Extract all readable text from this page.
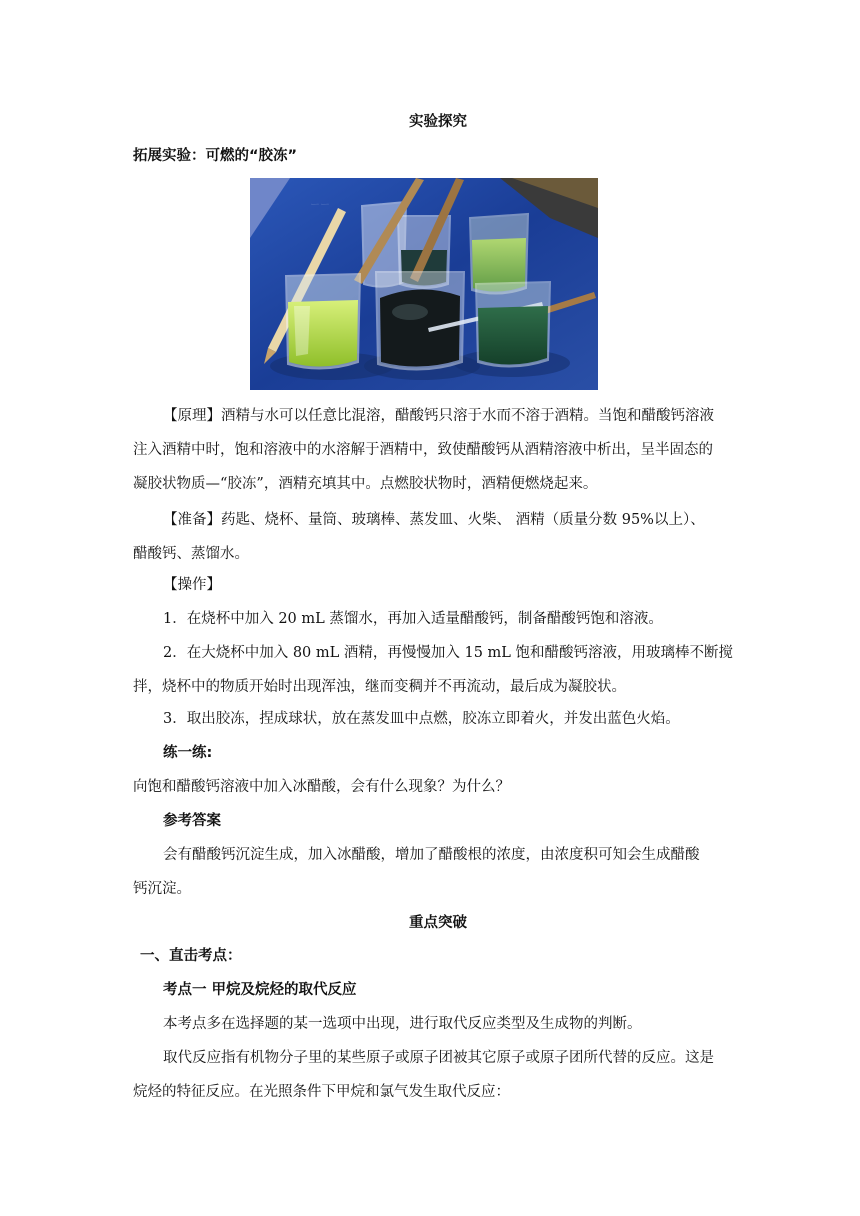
实验探究
拓展实验：可燃的“胶冻”
ーー
【原理】酒精与水可以任意比混溶，醋酸钙只溶于水而不溶于酒精。当饱和醋酸钙溶液
注入酒精中时，饱和溶液中的水溶解于酒精中，致使醋酸钙从酒精溶液中析出，呈半固态的
凝胶状物质—“胶冻”，酒精充填其中。点燃胶状物时，酒精便燃烧起来。
【准备】药匙、烧杯、量筒、玻璃棒、蒸发皿、火柴、 酒精（质量分数 95%以上）、
醋酸钙、蒸馏水。
【操作】
1．在烧杯中加入 20 mL 蒸馏水，再加入适量醋酸钙，制备醋酸钙饱和溶液。
2．在大烧杯中加入 80 mL 酒精，再慢慢加入 15 mL 饱和醋酸钙溶液，用玻璃棒不断搅
拌，烧杯中的物质开始时出现浑浊，继而变稠并不再流动，最后成为凝胶状。
3．取出胶冻，捏成球状，放在蒸发皿中点燃，胶冻立即着火，并发出蓝色火焰。
练一练:
向饱和醋酸钙溶液中加入冰醋酸，会有什么现象？为什么？
参考答案
会有醋酸钙沉淀生成，加入冰醋酸，增加了醋酸根的浓度，由浓度积可知会生成醋酸
钙沉淀。
重点突破
一、直击考点：
考点一 甲烷及烷烃的取代反应
本考点多在选择题的某一选项中出现，进行取代反应类型及生成物的判断。
取代反应指有机物分子里的某些原子或原子团被其它原子或原子团所代替的反应。这是
烷烃的特征反应。在光照条件下甲烷和氯气发生取代反应：
